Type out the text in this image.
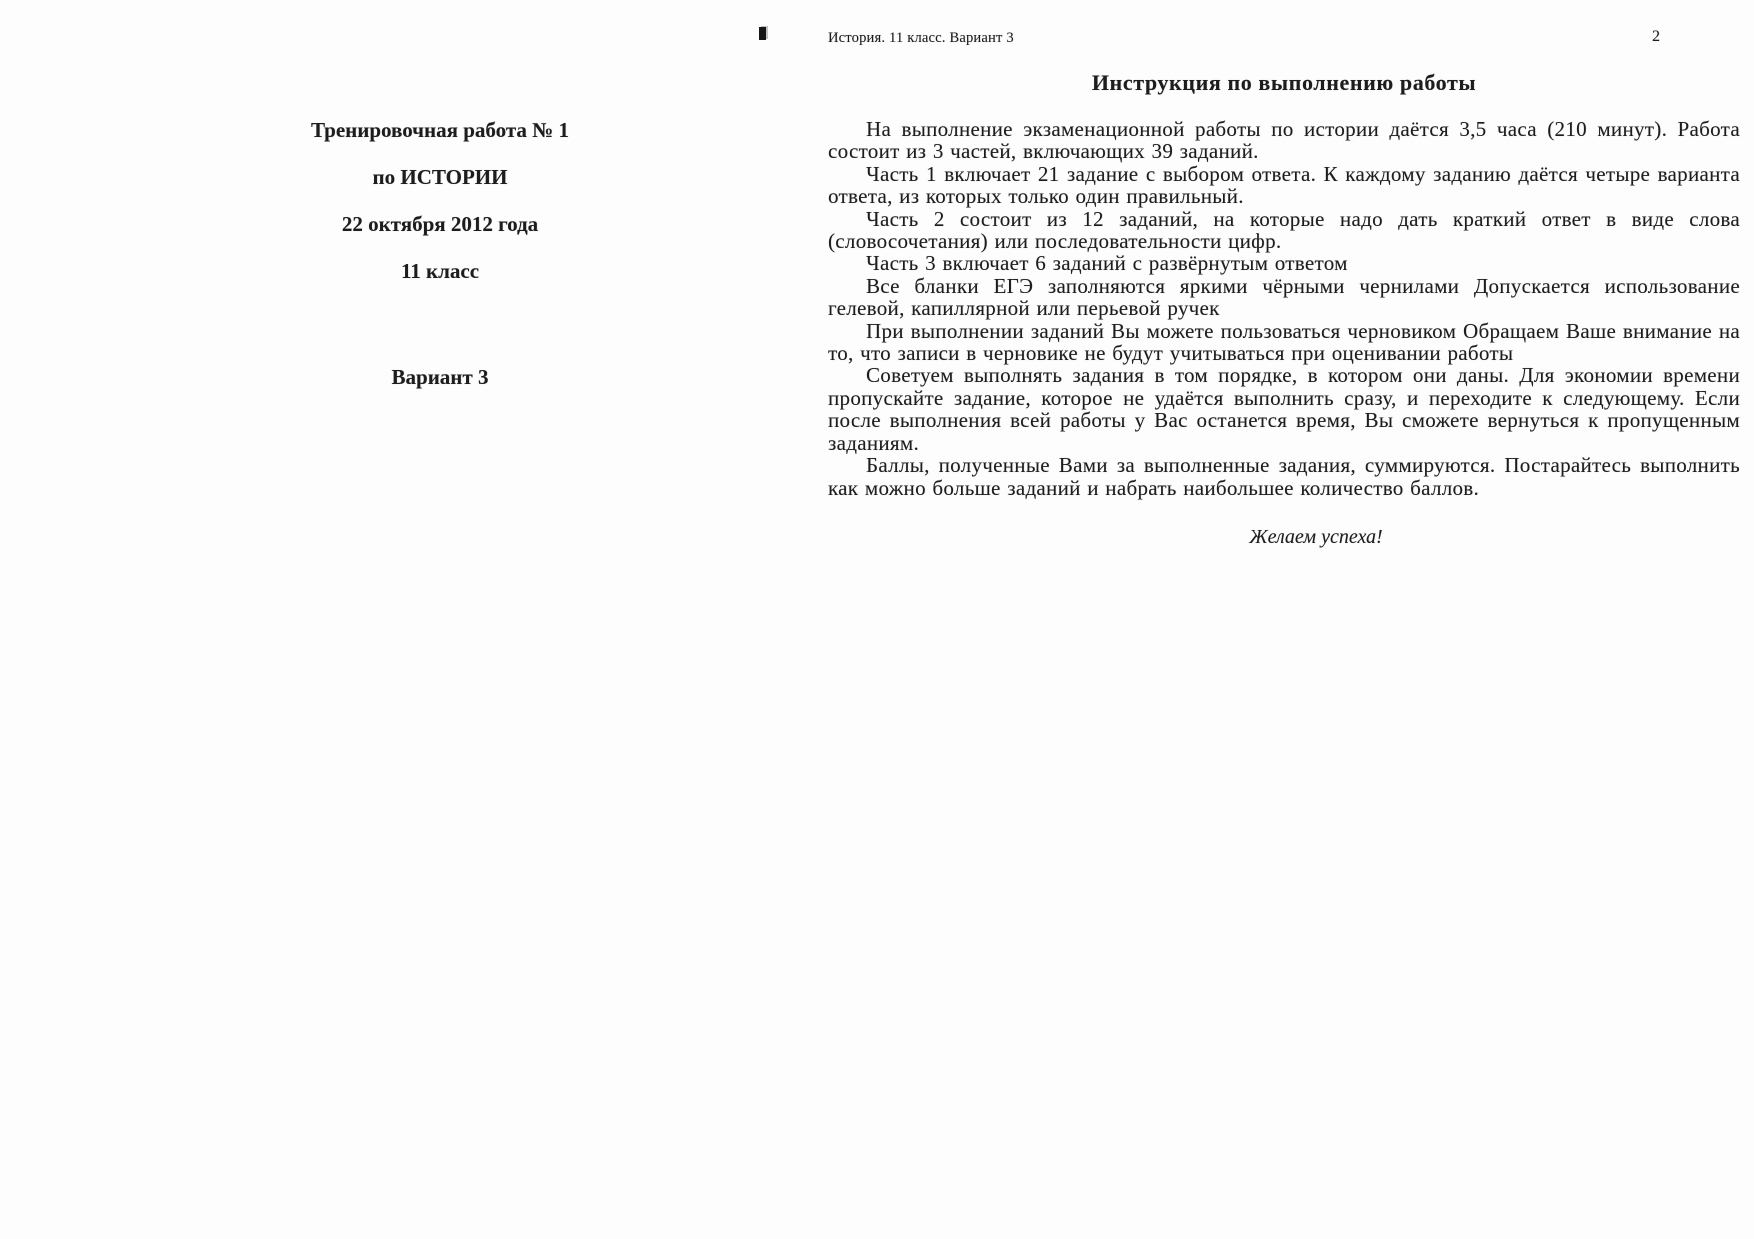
Тренировочная работа № 1
по ИСТОРИИ
22 октября 2012 года
11 класс
Вариант 3
История. 11 класс. Вариант 3	2
Инструкция по выполнению работы

На выполнение экзаменационной работы по истории даётся 3,5 часа (210 минут). Работа состоит из 3 частей, включающих 39 заданий.

Часть 1 включает 21 задание с выбором ответа. К каждому заданию даётся четыре варианта ответа, из которых только один правильный.

Часть 2 состоит из 12 заданий, на которые надо дать краткий ответ в виде слова (словосочетания) или последовательности цифр.

Часть 3 включает 6 заданий с развёрнутым ответом

Все бланки ЕГЭ заполняются яркими чёрными чернилами Допускается использование гелевой, капиллярной или перьевой ручек

При выполнении заданий Вы можете пользоваться черновиком Обращаем Ваше внимание на то, что записи в черновике не будут учитываться при оценивании работы

Советуем выполнять задания в том порядке, в котором они даны. Для экономии времени пропускайте задание, которое не удаётся выполнить сразу, и переходите к следующему. Если после выполнения всей работы у Вас останется время, Вы сможете вернуться к пропущенным заданиям.

Баллы, полученные Вами за выполненные задания, суммируются. Постарайтесь выполнить как можно больше заданий и набрать наибольшее количество баллов.

Желаем успеха!
